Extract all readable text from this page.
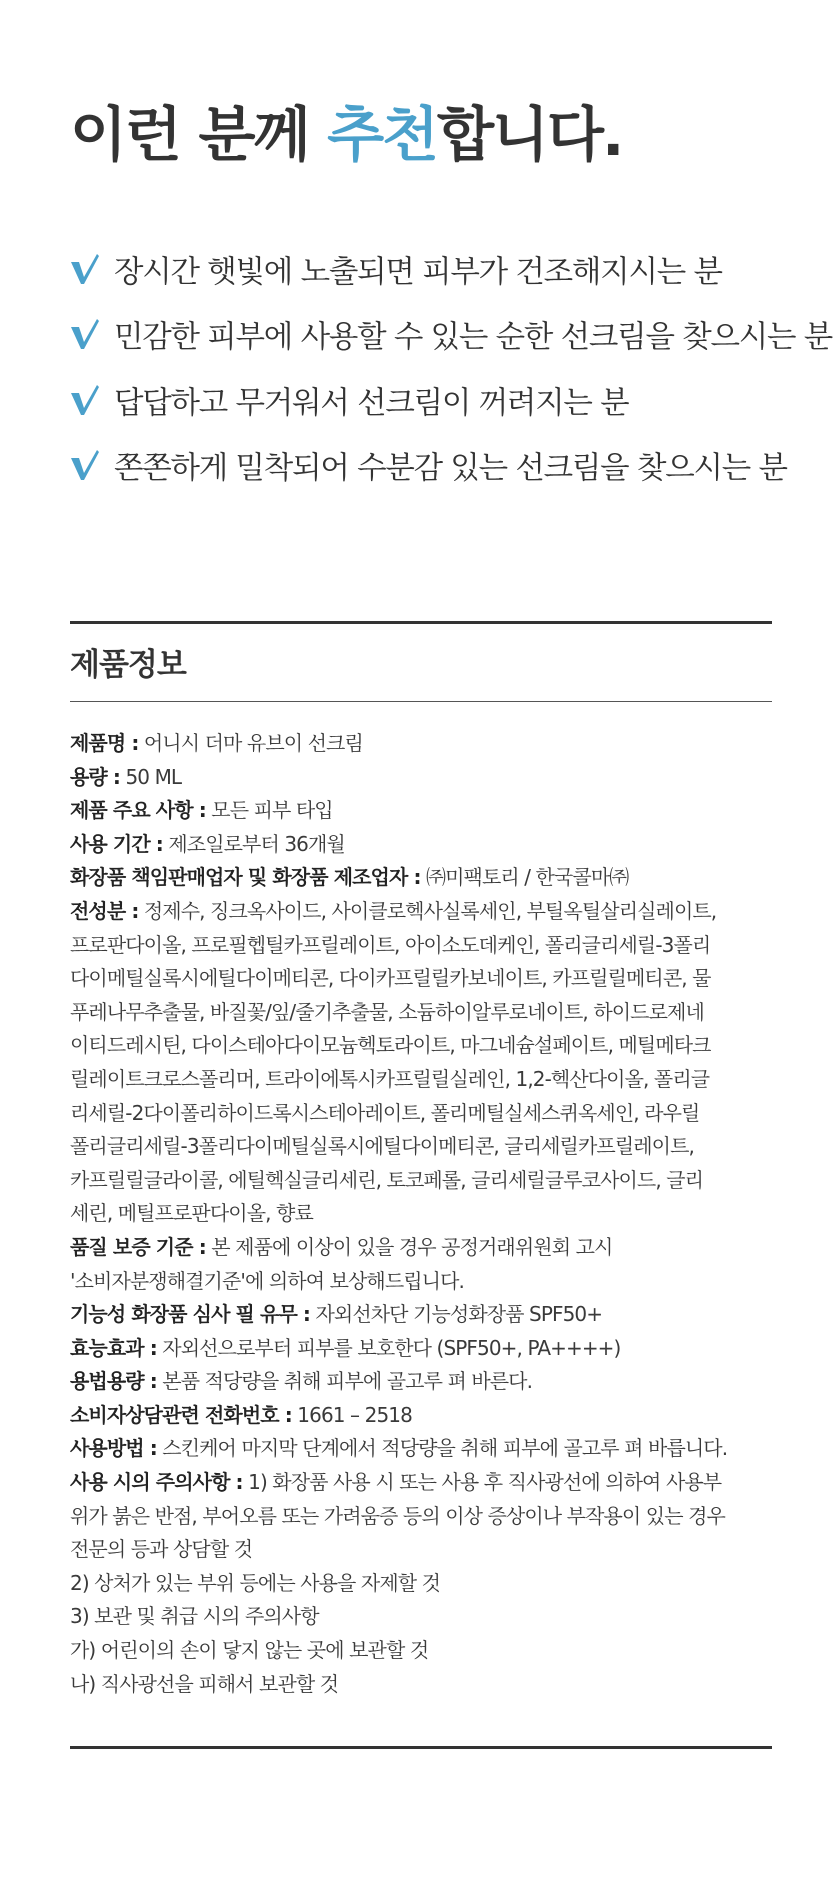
이런 분께 추천합니다.
장시간 햇빛에 노출되면 피부가 건조해지시는 분
민감한 피부에 사용할 수 있는 순한 선크림을 찾으시는 분
답답하고 무거워서 선크림이 꺼려지는 분
쫀쫀하게 밀착되어 수분감 있는 선크림을 찾으시는 분
제품정보

제품명 : 어니시 더마 유브이 선크림

용량 : 50 ML

제품 주요 사항 : 모든 피부 타입

사용 기간 : 제조일로부터 36개월

화장품 책임판매업자 및 화장품 제조업자 : ㈜미팩토리 / 한국콜마㈜

전성분 : 정제수, 징크옥사이드, 사이클로헥사실록세인, 부틸옥틸살리실레이트,

프로판다이올, 프로필헵틸카프릴레이트, 아이소도데케인, 폴리글리세릴-3폴리

다이메틸실록시에틸다이메티콘, 다이카프릴릴카보네이트, 카프릴릴메티콘, 물

푸레나무추출물, 바질꽃/잎/줄기추출물, 소듐하이알루로네이트, 하이드로제네

이티드레시틴, 다이스테아다이모늄헥토라이트, 마그네슘설페이트, 메틸메타크

릴레이트크로스폴리머, 트라이에톡시카프릴릴실레인, 1,2-헥산다이올, 폴리글

리세릴-2다이폴리하이드록시스테아레이트, 폴리메틸실세스퀴옥세인, 라우릴

폴리글리세릴-3폴리다이메틸실록시에틸다이메티콘, 글리세릴카프릴레이트,

카프릴릴글라이콜, 에틸헥실글리세린, 토코페롤, 글리세릴글루코사이드, 글리

세린, 메틸프로판다이올, 향료

품질 보증 기준 : 본 제품에 이상이 있을 경우 공정거래위원회 고시

'소비자분쟁해결기준'에 의하여 보상해드립니다.

기능성 화장품 심사 필 유무 : 자외선차단 기능성화장품 SPF50+

효능효과 : 자외선으로부터 피부를 보호한다 (SPF50+, PA++++)

용법용량 : 본품 적당량을 취해 피부에 골고루 펴 바른다.

소비자상담관련 전화번호 : 1661 – 2518

사용방법 : 스킨케어 마지막 단계에서 적당량을 취해 피부에 골고루 펴 바릅니다.

사용 시의 주의사항 : 1) 화장품 사용 시 또는 사용 후 직사광선에 의하여 사용부

위가 붉은 반점, 부어오름 또는 가려움증 등의 이상 증상이나 부작용이 있는 경우

전문의 등과 상담할 것

2) 상처가 있는 부위 등에는 사용을 자제할 것

3) 보관 및 취급 시의 주의사항

가) 어린이의 손이 닿지 않는 곳에 보관할 것

나) 직사광선을 피해서 보관할 것
